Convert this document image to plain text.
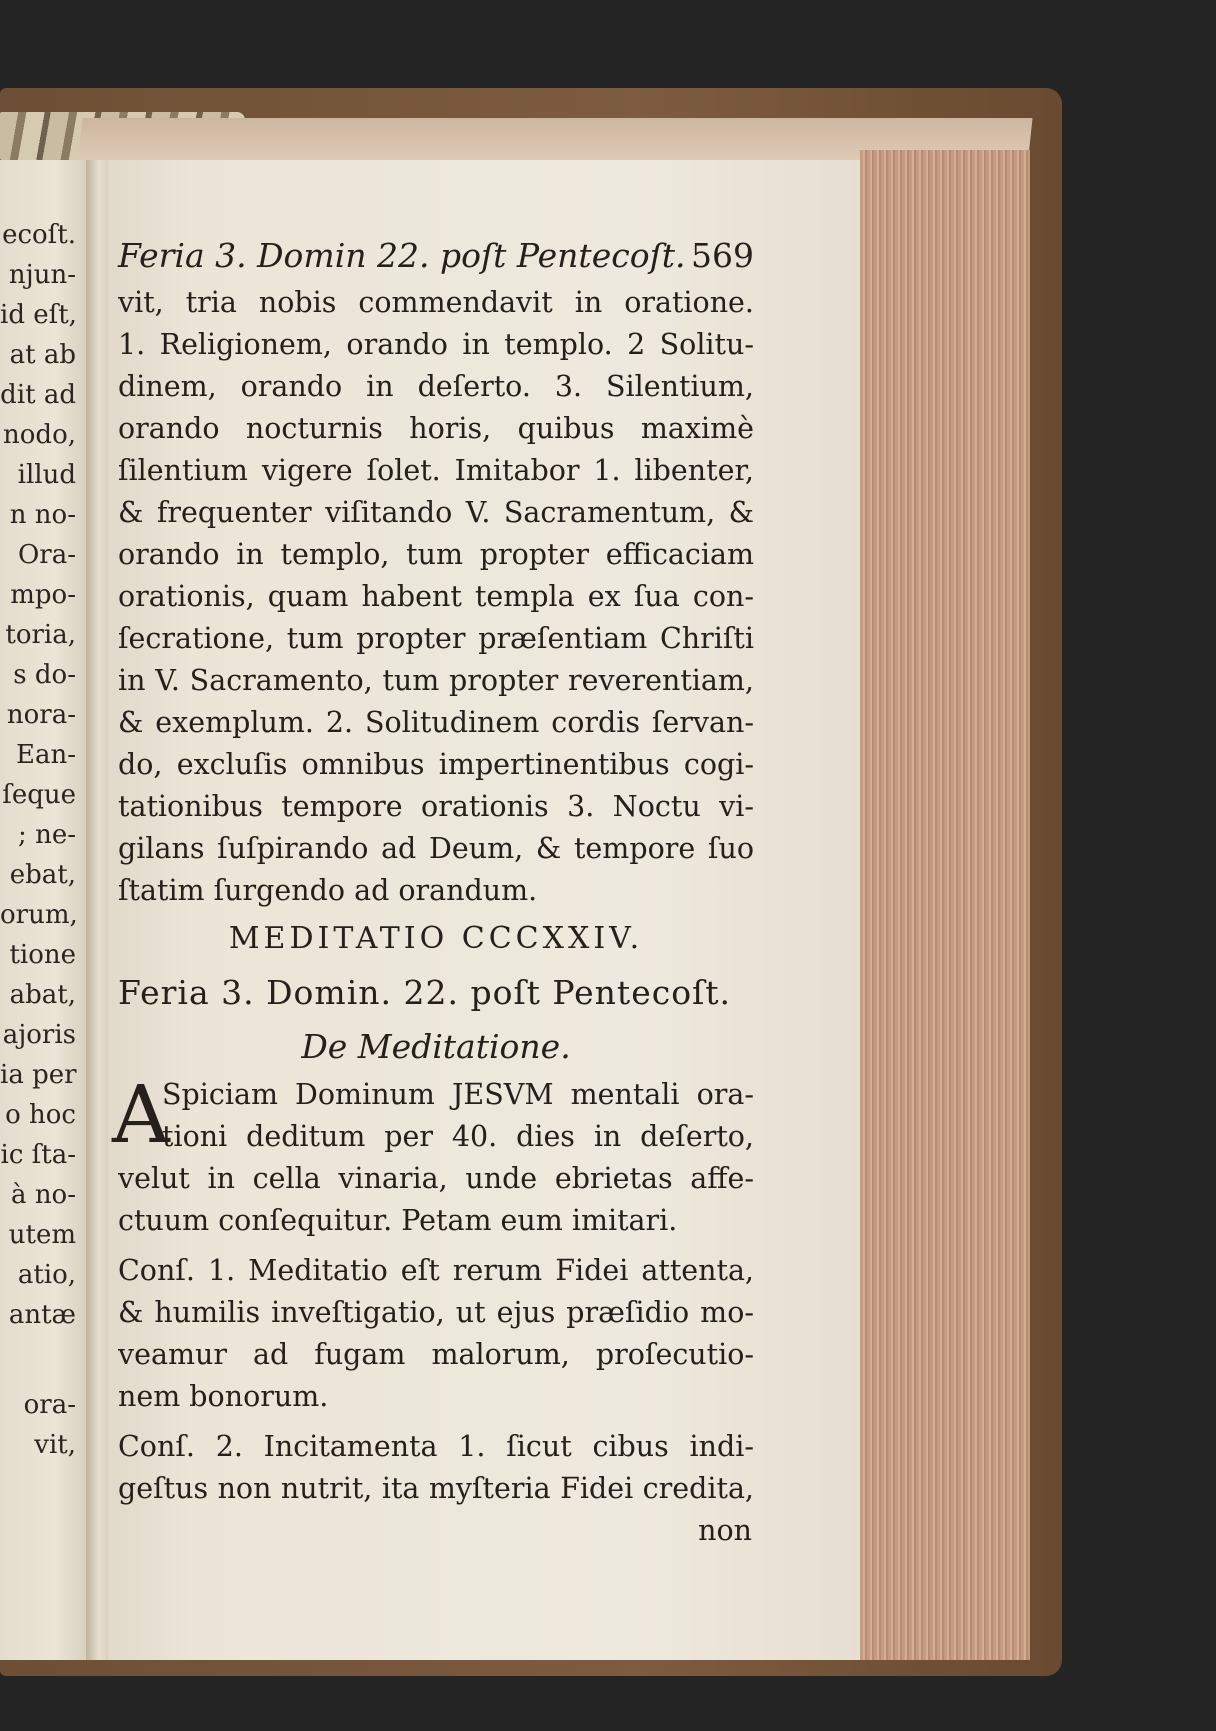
ecoſt.
njun-
id eſt,
at ab
dit ad
nodo,
illud
n no-
Ora-
mpo-
toria,
s do-
nora-
Ean-
ſeque
; ne-
ebat,
orum,
tione
abat,
ajoris
ia per
o hoc
ic ſta-
à no-
utem
atio,
antæ
ora-
vit,
Feria 3. Domin 22. poſt Pentecoſt. 569
vit, tria nobis commendavit in oratione.
1. Religionem, orando in templo. 2 Solitu-
dinem, orando in deſerto. 3. Silentium,
orando nocturnis horis, quibus maximè
ſilentium vigere ſolet. Imitabor 1. libenter,
& frequenter viſitando V. Sacramentum, &
orando in templo, tum propter efficaciam
orationis, quam habent templa ex ſua con-
ſecratione, tum propter præſentiam Chriſti
in V. Sacramento, tum propter reverentiam,
& exemplum. 2. Solitudinem cordis ſervan-
do, excluſis omnibus impertinentibus cogi-
tationibus tempore orationis 3. Noctu vi-
gilans ſuſpirando ad Deum, & tempore ſuo
ſtatim ſurgendo ad orandum.
MEDITATIO CCCXXIV.
Feria 3. Domin. 22. poſt Pentecoſt.
De Meditatione.
A
Spiciam Dominum JESVM mentali ora-
tioni deditum per 40. dies in deſerto,
velut in cella vinaria, unde ebrietas affe-
ctuum conſequitur. Petam eum imitari.
Conſ. 1. Meditatio eſt rerum Fidei attenta,
& humilis inveſtigatio, ut ejus præſidio mo-
veamur ad fugam malorum, proſecutio-
nem bonorum.
Conſ. 2. Incitamenta 1. ſicut cibus indi-
geſtus non nutrit, ita myſteria Fidei credita,
non
